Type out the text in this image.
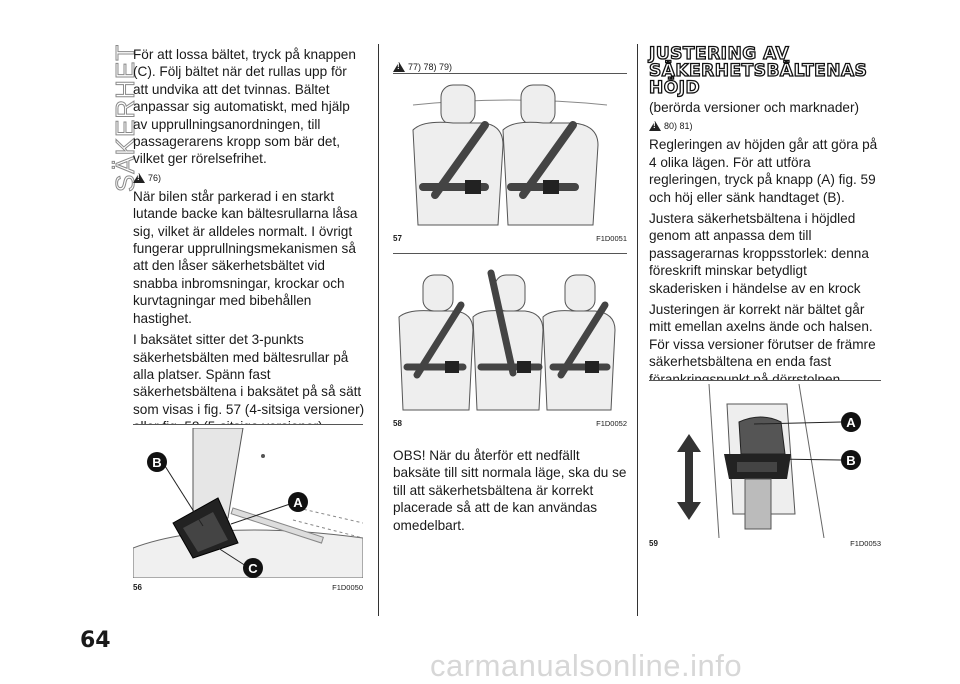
SÄKERHET

För att lossa bältet, tryck på knappen (C). Följ bältet när det rullas upp för att undvika att det tvinnas. Bältet anpassar sig automatiskt, med hjälp av upprullningsanordningen, till passagerarens kropp som bär det, vilket ger rörelsefrihet.

!
76)

När bilen står parkerad i en starkt lutande backe kan bältesrullarna låsa sig, vilket är alldeles normalt. I övrigt fungerar upprullningsmekanismen så att den låser säkerhetsbältet vid snabba inbromsningar, krockar och kurvtagningar med bibehållen hastighet.

I baksätet sitter det 3-punkts säkerhetsbälten med bältesrullar på alla platser. Spänn fast säkerhetsbältena i baksätet på så sätt som visas i fig. 57 (4-sitsiga versioner)

B
A
C
56	F1D0050
!
77) 78) 79)
57	F1D0051
58	F1D0052

OBS! När du återför ett nedfällt baksäte till sitt normala läge, ska du se till att säkerhetsbältena är korrekt placerade så att de kan användas omedelbart.

JUSTERING AV SÄKERHETSBÄLTENAS HÖJD

(berörda versioner och marknader)

!
80) 81)

Regleringen av höjden går att göra på 4 olika lägen. För att utföra regleringen, tryck på knapp (A) fig. 59 och höj eller sänk handtaget (B).

Justera säkerhetsbältena i höjdled genom att anpassa dem till passagerarnas kroppsstorlek: denna föreskrift minskar betydligt skaderisken i händelse av en krock

Justeringen är korrekt när bältet går mitt emellan axelns ände och halsen. För vissa versioner förutser de främre säkerhetsbältena en enda fast

A
B
59	F1D0053
64
carmanualsonline.info
